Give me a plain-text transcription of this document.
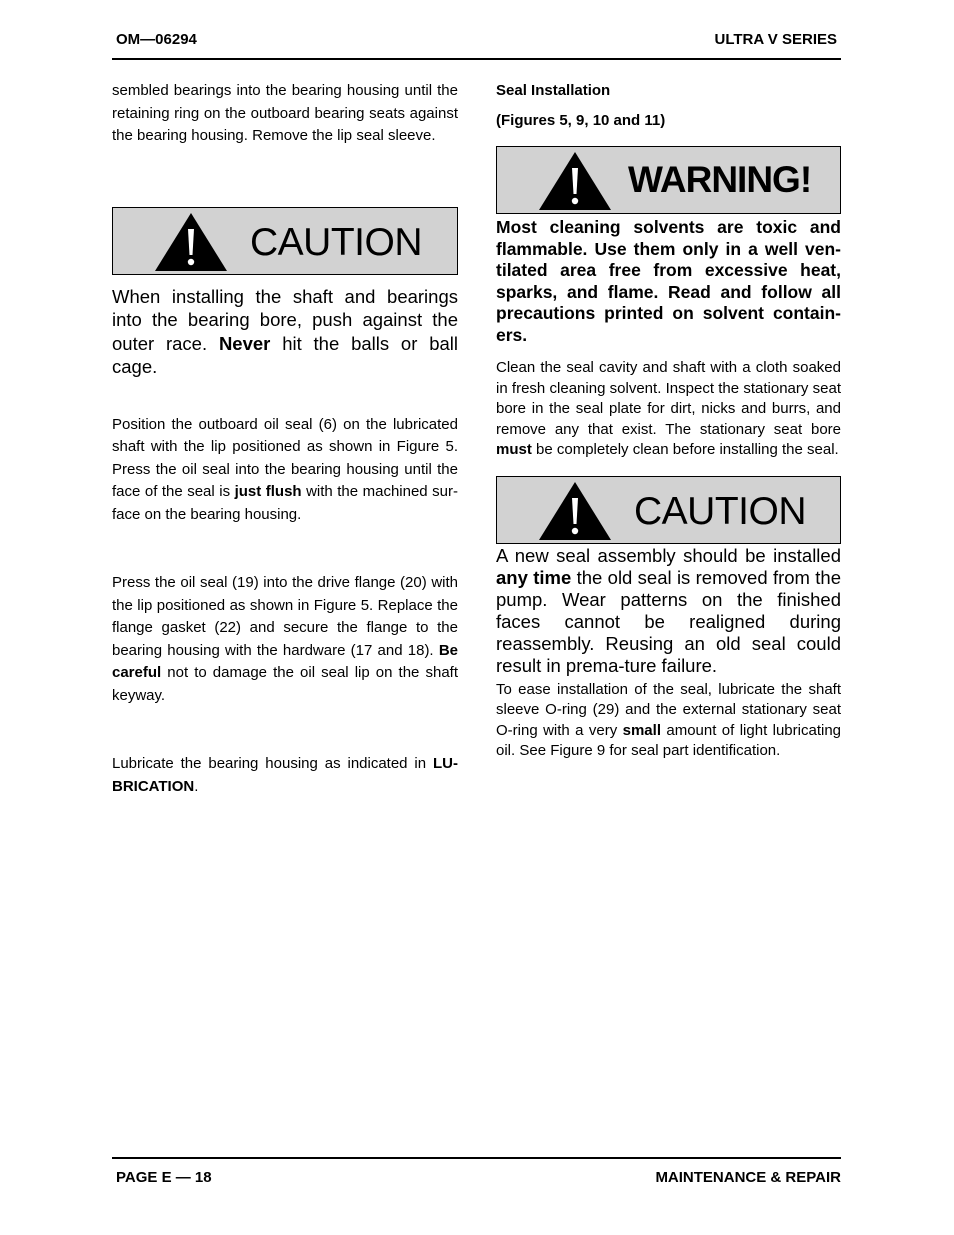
OM—06294	ULTRA V SERIES

sembled bearings into the bearing housing until the retaining ring on the outboard bearing seats against the bearing housing. Remove the lip seal sleeve.

CAUTION

When installing the shaft and bearings into the bearing bore, push against the outer race. Never hit the balls or ball cage.

Position the outboard oil seal (6) on the lubricated shaft with the lip positioned as shown in Figure 5. Press the oil seal into the bearing housing until the face of the seal is just flush with the machined sur-face on the bearing housing.

Press the oil seal (19) into the drive flange (20) with the lip positioned as shown in Figure 5. Replace the flange gasket (22) and secure the flange to the bearing housing with the hardware (17 and 18). Be careful not to damage the oil seal lip on the shaft keyway.

Lubricate the bearing housing as indicated in LU-BRICATION.

Seal Installation

(Figures 5, 9, 10 and 11)

WARNING!

Most cleaning solvents are toxic and flammable. Use them only in a well ven-tilated area free from excessive heat, sparks, and flame. Read and follow all precautions printed on solvent contain-ers.

Clean the seal cavity and shaft with a cloth soaked in fresh cleaning solvent. Inspect the stationary seat bore in the seal plate for dirt, nicks and burrs, and remove any that exist. The stationary seat bore must be completely clean before installing the seal.

CAUTION

A new seal assembly should be installed any time the old seal is removed from the pump. Wear patterns on the finished faces cannot be realigned during reassembly. Reusing an old seal could result in prema-ture failure.

To ease installation of the seal, lubricate the shaft sleeve O-ring (29) and the external stationary seat O-ring with a very small amount of light lubricating oil. See Figure 9 for seal part identification.

PAGE E — 18	MAINTENANCE & REPAIR
